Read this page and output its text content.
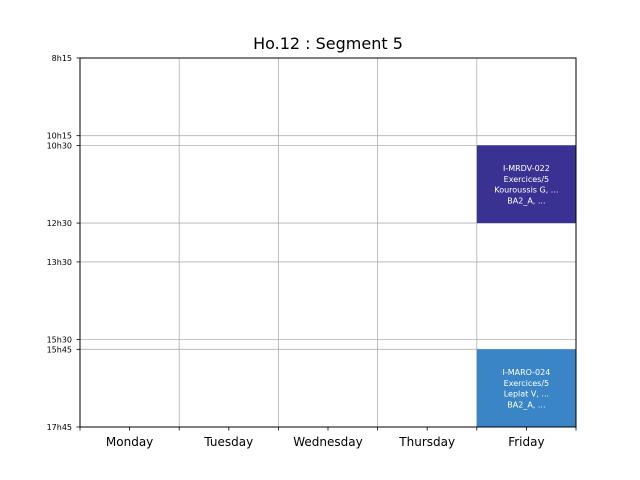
Ho.12 : Segment 5
I-MRDV-022
Exercices/5
Kouroussis G, ...
BA2_A, ...
I-MARO-024
Exercices/5
Leplat V, ...
BA2_A, ...
8h15
10h15
10h30
12h30
13h30
15h30
15h45
17h45
Monday	Tuesday	Wednesday	Thursday	Friday
